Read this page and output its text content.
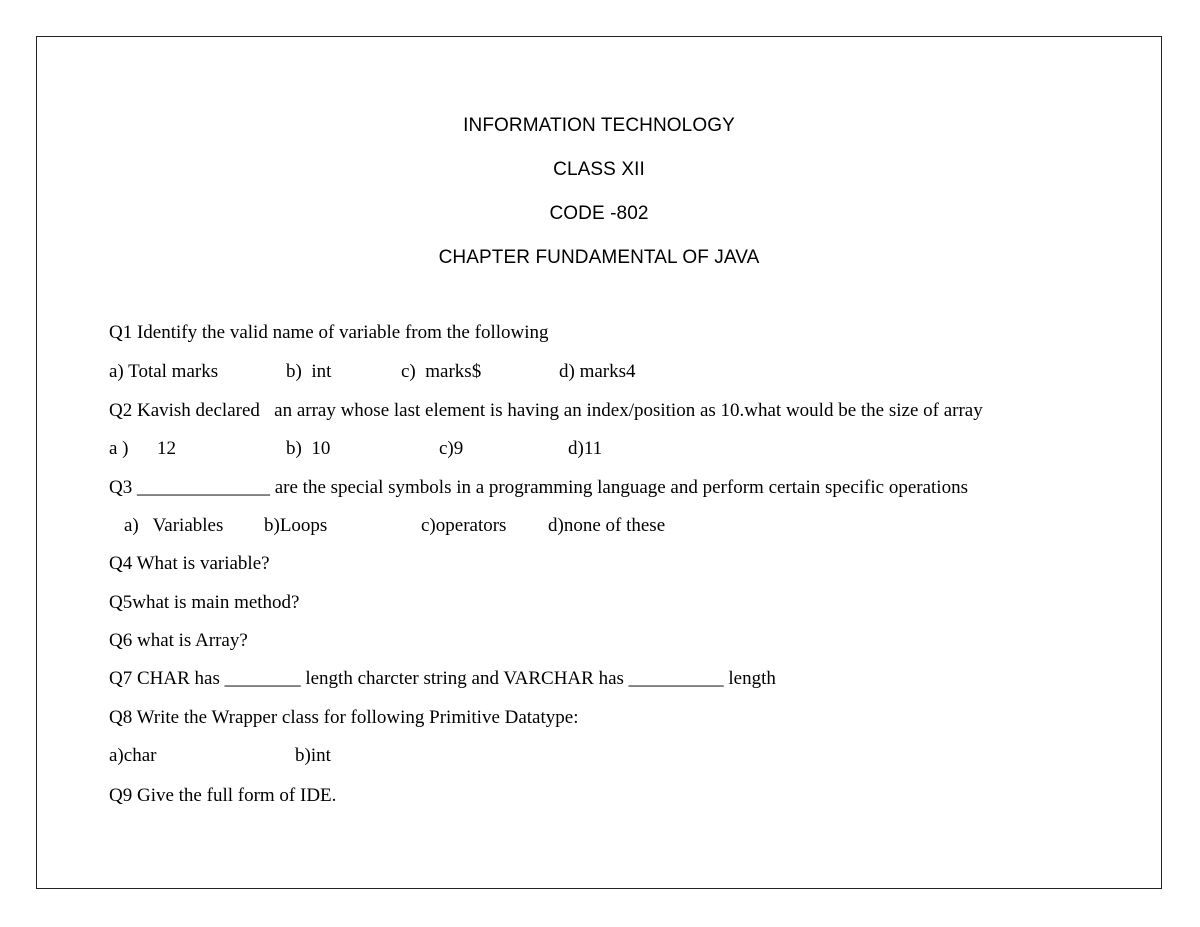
INFORMATION TECHNOLOGY
CLASS XII
CODE -802
CHAPTER FUNDAMENTAL OF JAVA
Q1 Identify the valid name of variable from the following
a) Total marks	b)  int	c)  marks$	d) marks4
Q2 Kavish declared   an array whose last element is having an index/position as 10.what would be the size of array
a )      12	b)  10	c)9	d)11
Q3 ______________ are the special symbols in a programming language and perform certain specific operations
a)   Variables b)Loops	c)operators d)none of these
Q4 What is variable?
Q5what is main method?
Q6 what is Array?
Q7 CHAR has ________ length charcter string and VARCHAR has __________ length
Q8 Write the Wrapper class for following Primitive Datatype:
a)char	b)int
Q9 Give the full form of IDE.
